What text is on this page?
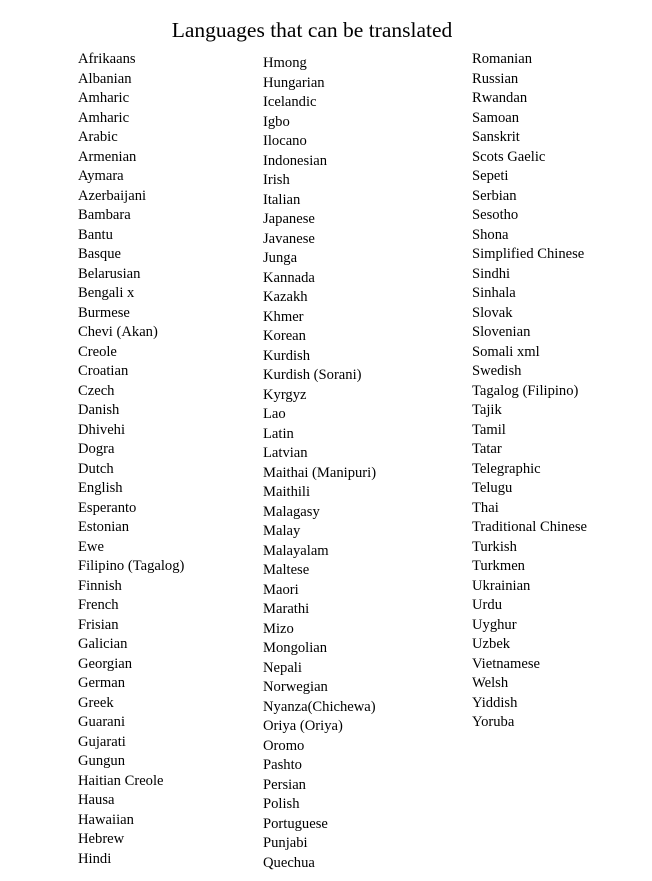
Languages that can be translated
Afrikaans
Albanian
Amharic
Amharic
Arabic
Armenian
Aymara
Azerbaijani
Bambara
Bantu
Basque
Belarusian
Bengali x
Burmese
Chevi (Akan)
Creole
Croatian
Czech
Danish
Dhivehi
Dogra
Dutch
English
Esperanto
Estonian
Ewe
Filipino (Tagalog)
Finnish
French
Frisian
Galician
Georgian
German
Greek
Guarani
Gujarati
Gungun
Haitian Creole
Hausa
Hawaiian
Hebrew
Hindi
Hmong
Hungarian
Icelandic
Igbo
Ilocano
Indonesian
Irish
Italian
Japanese
Javanese
Junga
Kannada
Kazakh
Khmer
Korean
Kurdish
Kurdish (Sorani)
Kyrgyz
Lao
Latin
Latvian
Maithai (Manipuri)
Maithili
Malagasy
Malay
Malayalam
Maltese
Maori
Marathi
Mizo
Mongolian
Nepali
Norwegian
Nyanza(Chichewa)
Oriya (Oriya)
Oromo
Pashto
Persian
Polish
Portuguese
Punjabi
Quechua
Romanian
Russian
Rwandan
Samoan
Sanskrit
Scots Gaelic
Sepeti
Serbian
Sesotho
Shona
Simplified Chinese
Sindhi
Sinhala
Slovak
Slovenian
Somali xml
Swedish
Tagalog (Filipino)
Tajik
Tamil
Tatar
Telegraphic
Telugu
Thai
Traditional Chinese
Turkish
Turkmen
Ukrainian
Urdu
Uyghur
Uzbek
Vietnamese
Welsh
Yiddish
Yoruba
